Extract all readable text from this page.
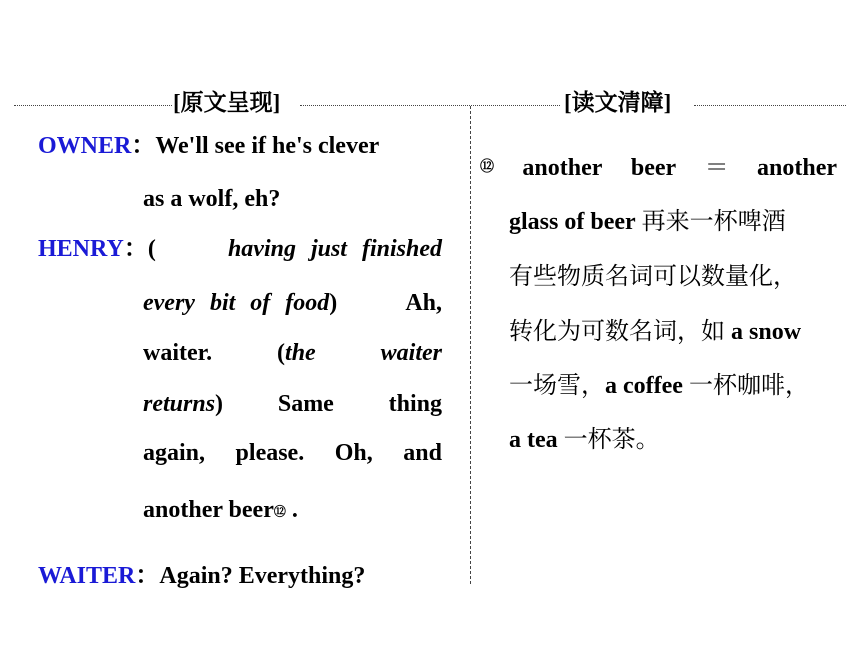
[原文呈现]	[读文清障]
OWNER：We'll see if he's clever
as a wolf, eh?
HENRY：(	having just finished
every bit of food)	Ah,
waiter.	(the	waiter
returns) Same thing
again, please. Oh, and
another beer⑫ .
WAITER：Again? Everything?
⑫ another beer ＝ another
glass of beer 再来一杯啤酒
有些物质名词可以数量化，
转化为可数名词，如 a snow
一场雪，a coffee 一杯咖啡，
a tea 一杯茶。
